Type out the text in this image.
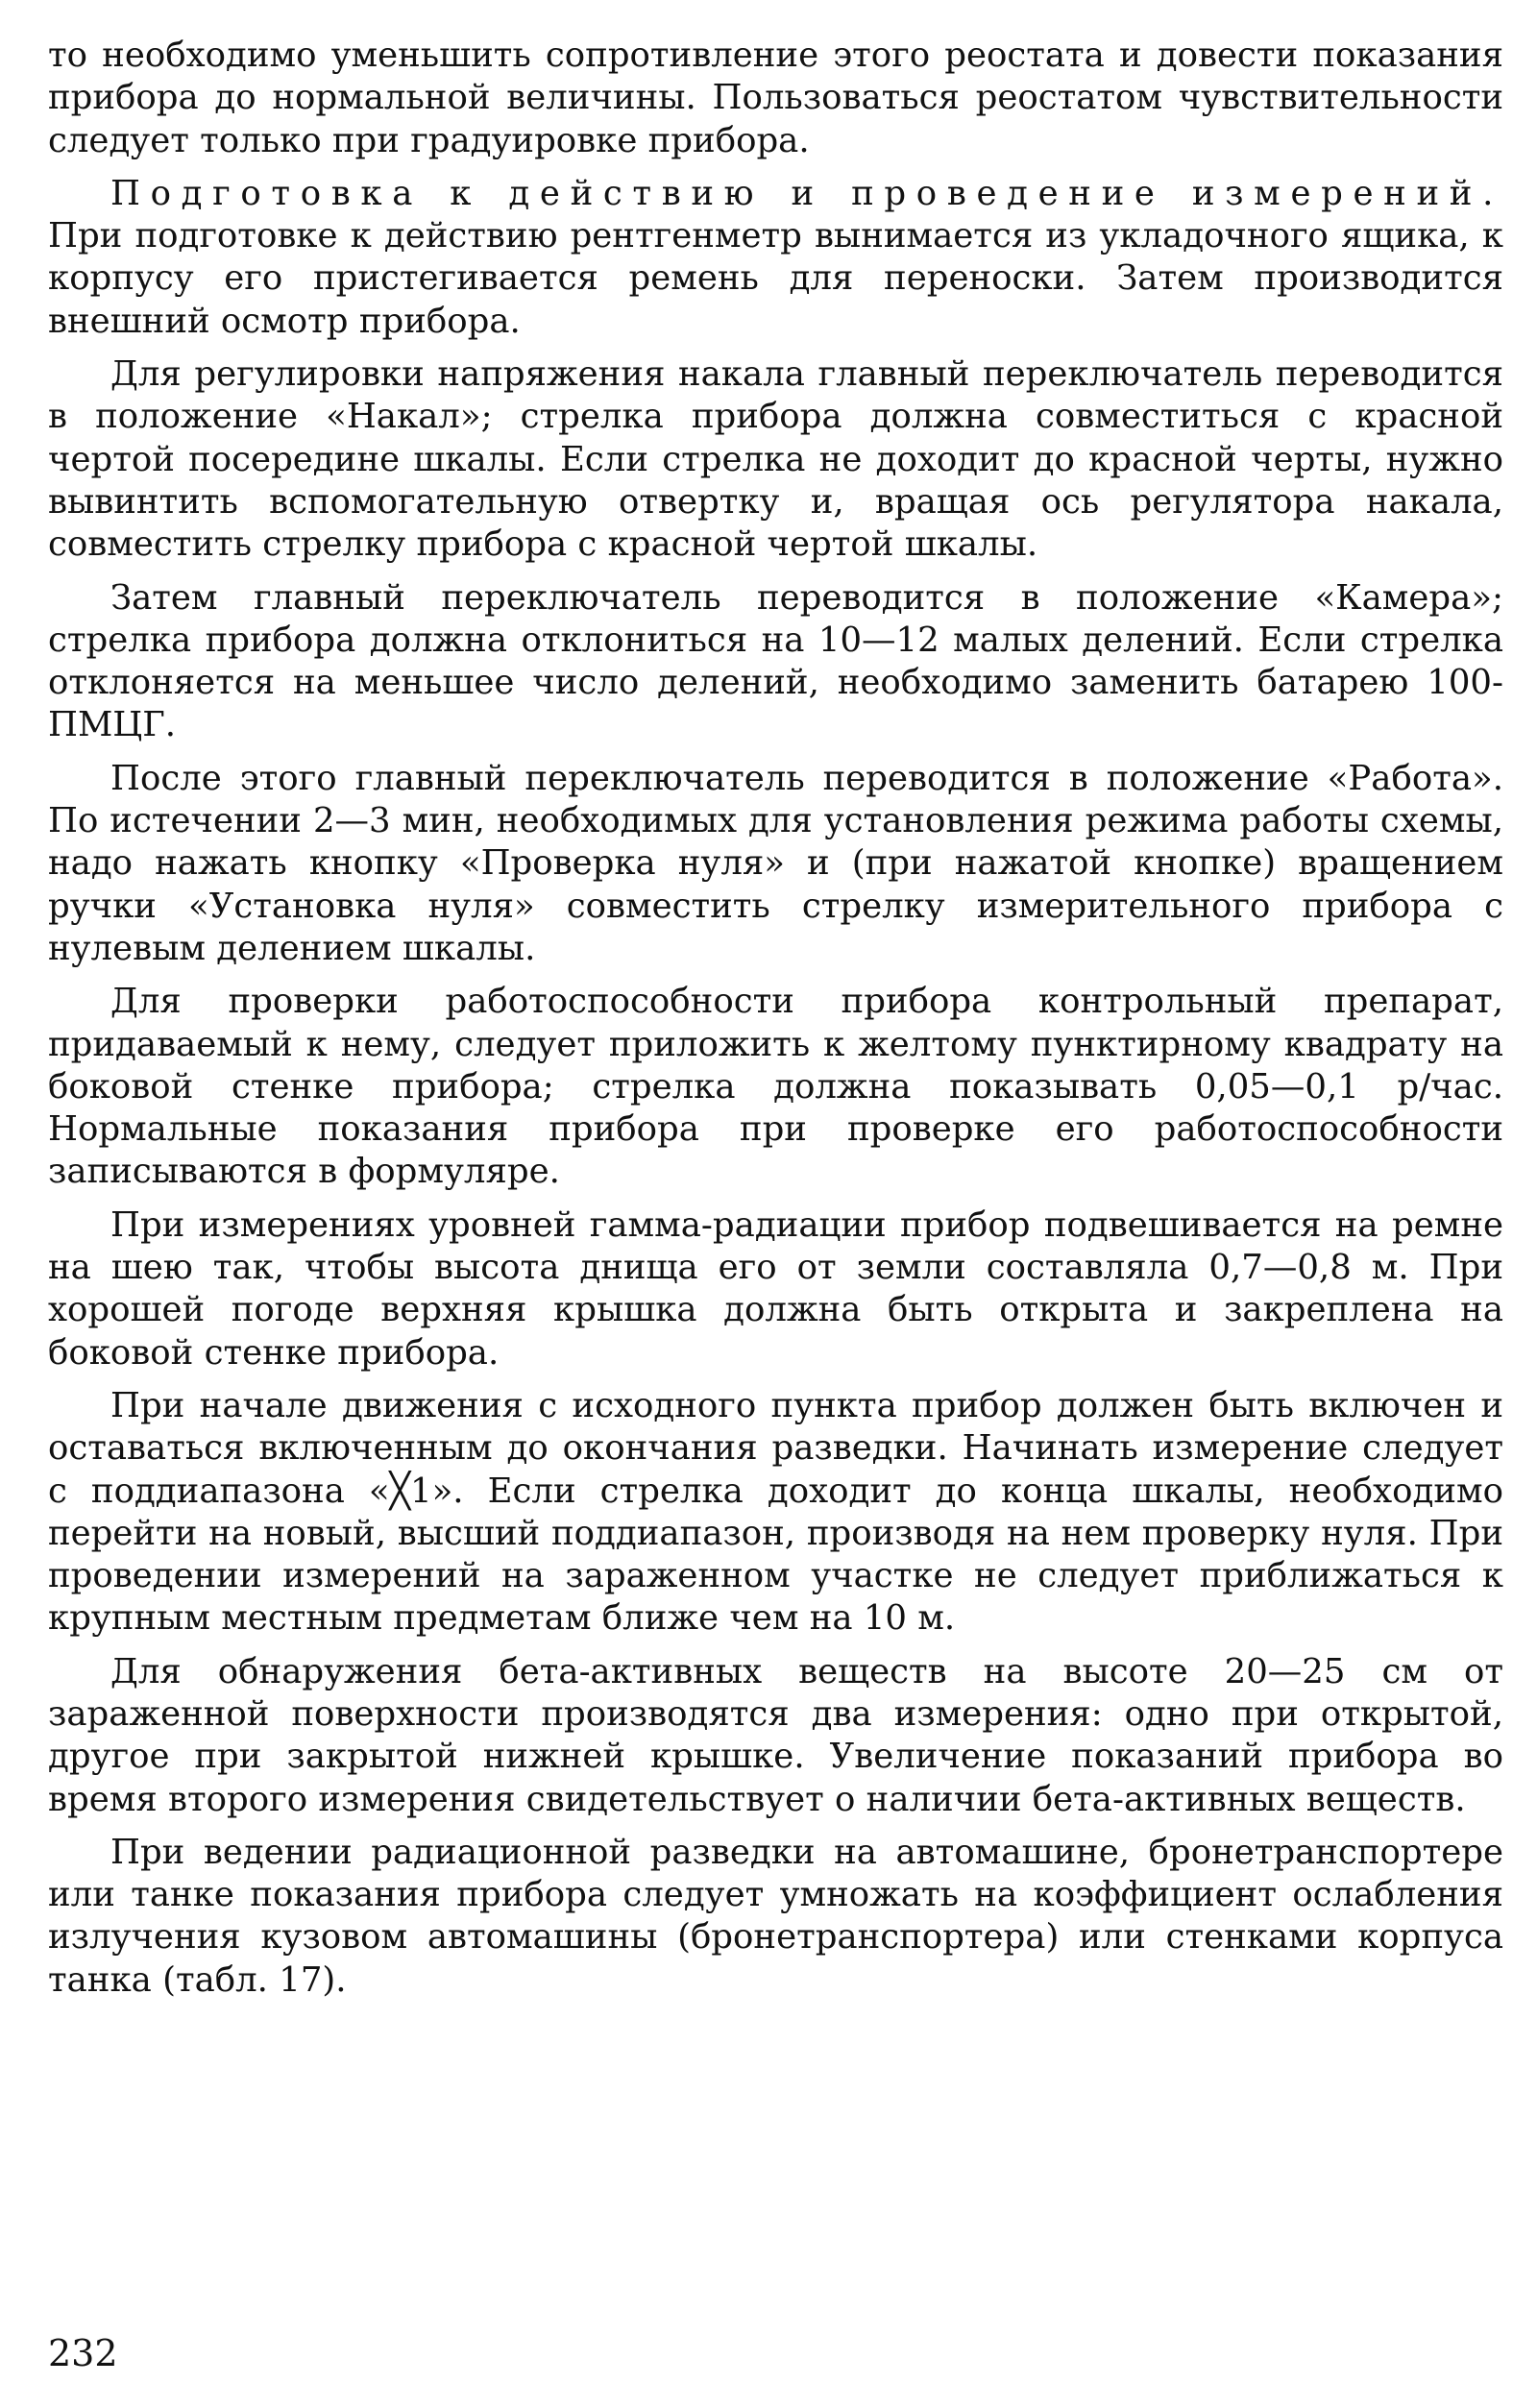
то необходимо уменьшить сопротивление этого реостата и довести показания прибора до нормальной величины. Пользоваться реостатом чувствительности следует только при градуировке прибора.

Подготовка к действию и проведение измерений. При подготовке к действию рентгенметр вынимается из укладочного ящика, к корпусу его пристегивается ремень для переноски. Затем производится внешний осмотр прибора.

Для регулировки напряжения накала главный переключатель переводится в положение «Накал»; стрелка прибора должна совместиться с красной чертой посередине шкалы. Если стрелка не доходит до красной черты, нужно вывинтить вспомогательную отвертку и, вращая ось регулятора накала, совместить стрелку прибора с красной чертой шкалы.

Затем главный переключатель переводится в положение «Камера»; стрелка прибора должна отклониться на 10—12 малых делений. Если стрелка отклоняется на меньшее число делений, необходимо заменить батарею 100-ПМЦГ.

После этого главный переключатель переводится в положение «Работа». По истечении 2—3 мин, необходимых для установления режима работы схемы, надо нажать кнопку «Проверка нуля» и (при нажатой кнопке) вращением ручки «Установка нуля» совместить стрелку измерительного прибора с нулевым делением шкалы.

Для проверки работоспособности прибора контрольный препарат, придаваемый к нему, следует приложить к желтому пунктирному квадрату на боковой стенке прибора; стрелка должна показывать 0,05—0,1 р/час. Нормальные показания прибора при проверке его работоспособности записываются в формуляре.

При измерениях уровней гамма-радиации прибор подвешивается на ремне на шею так, чтобы высота днища его от земли составляла 0,7—0,8 м. При хорошей погоде верхняя крышка должна быть открыта и закреплена на боковой стенке прибора.

При начале движения с исходного пункта прибор должен быть включен и оставаться включенным до окончания разведки. Начинать измерение следует с поддиапазона «╳1». Если стрелка доходит до конца шкалы, необходимо перейти на новый, высший поддиапазон, производя на нем проверку нуля. При проведении измерений на зараженном участке не следует приближаться к крупным местным предметам ближе чем на 10 м.

Для обнаружения бета-активных веществ на высоте 20—25 см от зараженной поверхности производятся два измерения: одно при открытой, другое при закрытой нижней крышке. Увеличение показаний прибора во время второго измерения свидетельствует о наличии бета-активных веществ.

При ведении радиационной разведки на автомашине, бронетранспортере или танке показания прибора следует умножать на коэффициент ослабления излучения кузовом автомашины (бронетранспортера) или стенками корпуса танка (табл. 17).

232
